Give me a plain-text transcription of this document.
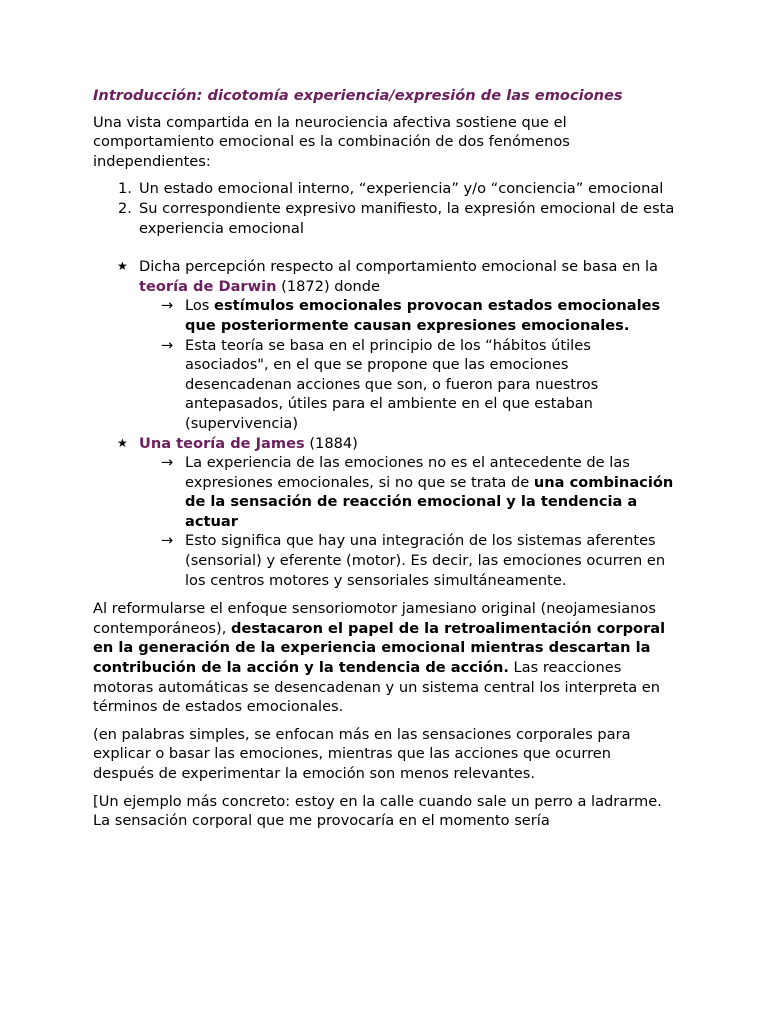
Introducción: dicotomía experiencia/expresión de las emociones

Una vista compartida en la neurociencia afectiva sostiene que el comportamiento emocional es la combinación de dos fenómenos independientes:

1. Un estado emocional interno, “experiencia” y/o “conciencia” emocional
2. Su correspondiente expresivo manifiesto, la expresión emocional de esta experiencia emocional
★ Dicha percepción respecto al comportamiento emocional se basa en la teoría de Darwin (1872) donde
→ Los estímulos emocionales provocan estados emocionales que posteriormente causan expresiones emocionales.
→ Esta teoría se basa en el principio de los “hábitos útiles asociados", en el que se propone que las emociones desencadenan acciones que son, o fueron para nuestros antepasados, útiles para el ambiente en el que estaban (supervivencia)
★ Una teoría de James (1884)
→ La experiencia de las emociones no es el antecedente de las expresiones emocionales, si no que se trata de una combinación de la sensación de reacción emocional y la tendencia a actuar
→ Esto significa que hay una integración de los sistemas aferentes (sensorial) y eferente (motor). Es decir, las emociones ocurren en los centros motores y sensoriales simultáneamente.

Al reformularse el enfoque sensoriomotor jamesiano original (neojamesianos contemporáneos), destacaron el papel de la retroalimentación corporal en la generación de la experiencia emocional mientras descartan la contribución de la acción y la tendencia de acción. Las reacciones motoras automáticas se desencadenan y un sistema central los interpreta en términos de estados emocionales.

(en palabras simples, se enfocan más en las sensaciones corporales para explicar o basar las emociones, mientras que las acciones que ocurren después de experimentar la emoción son menos relevantes.

[Un ejemplo más concreto: estoy en la calle cuando sale un perro a ladrarme. La sensación corporal que me provocaría en el momento sería
